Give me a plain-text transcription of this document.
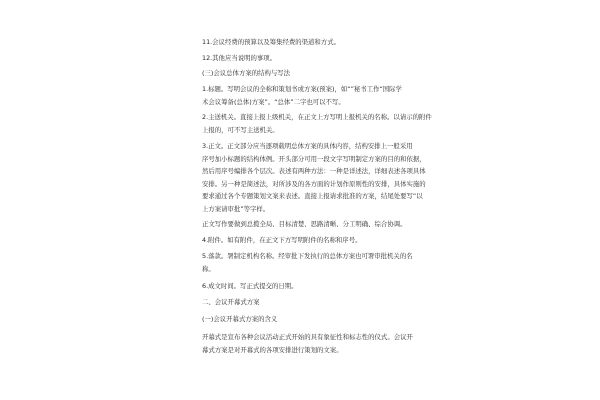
11.会议经费的预算以及筹集经费的渠道和方式。

12.其他应当说明的事项。

(三)会议总体方案的结构与写法

1.标题。写明会议的全称和策划书或方案(预案)，如“”秘书工作“国际学
术会议筹备(总体)方案”。“总体”二字也可以不写。

2.主送机关。直接上报上级机关，在正文上方写明上报机关的名称。以请示的附件
上报的，可不写主送机关。

3.正文。正文部分应当逐项载明总体方案的具体内容，结构安排上一般采用
序号加小标题的结构体例。开头部分可用一段文字写明制定方案的目的和依据，
然后用序号编排各个层次。表述有两种方法：一种是详述法，详细表述各项具体
安排。另一种是简述法，对所涉及的各方面的计划作原则性的安排，具体实施的
要求通过各个专题策划文案来表述。直接上报请求批准的方案，结尾处要写“以
上方案请审批”等字样。

正文写作要做到总揽全局、目标清楚、思路清晰、分工明确、综合协调。

4.附件。如有附件，在正文下方写明附件的名称和序号。

5.落款。署制定机构名称。经审批下发执行的总体方案也可署审批机关的名
称。

6.成文时间。写正式提交的日期。

二、会议开幕式方案

(一)会议开幕式方案的含义

开幕式是宣布各种会议活动正式开始的具有象征性和标志性的仪式。会议开
幕式方案是对开幕式的各项安排进行策划的文案。
